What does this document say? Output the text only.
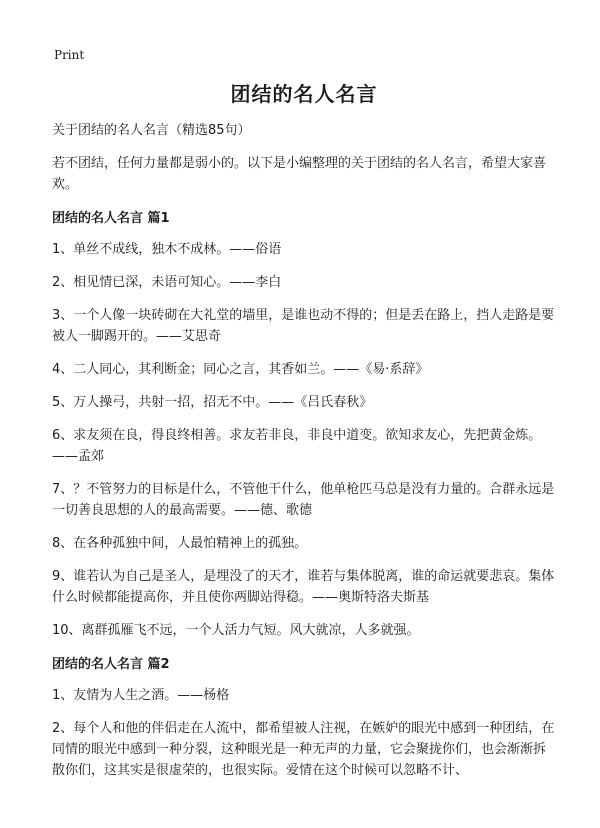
Print
团结的名人名言
关于团结的名人名言（精选85句）
若不团结，任何力量都是弱小的。以下是小编整理的关于团结的名人名言，希望大家喜欢。
团结的名人名言 篇1
1、单丝不成线，独木不成林。——俗语
2、相见情已深，未语可知心。——李白
3、一个人像一块砖砌在大礼堂的墙里，是谁也动不得的；但是丢在路上，挡人走路是要被人一脚踢开的。——艾思奇
4、二人同心，其利断金；同心之言，其香如兰。——《易·系辞》
5、万人操弓，共射一招，招无不中。——《吕氏春秋》
6、求友须在良，得良终相善。求友若非良，非良中道变。欲知求友心，先把黄金炼。——孟郊
7、？不管努力的目标是什么，不管他干什么，他单枪匹马总是没有力量的。合群永远是一切善良思想的人的最高需要。——德、歌德
8、在各种孤独中间，人最怕精神上的孤独。
9、谁若认为自己是圣人，是埋没了的天才，谁若与集体脱离，谁的命运就要悲哀。集体什么时候都能提高你，并且使你两脚站得稳。——奥斯特洛夫斯基
10、离群孤雁飞不远，一个人活力气短。风大就凉，人多就强。
团结的名人名言 篇2
1、友情为人生之酒。——杨格
2、每个人和他的伴侣走在人流中，都希望被人注视，在嫉妒的眼光中感到一种团结，在同情的眼光中感到一种分裂，这种眼光是一种无声的力量，它会聚拢你们，也会渐渐拆散你们，这其实是很虚荣的，也很实际。爱情在这个时候可以忽略不计、
